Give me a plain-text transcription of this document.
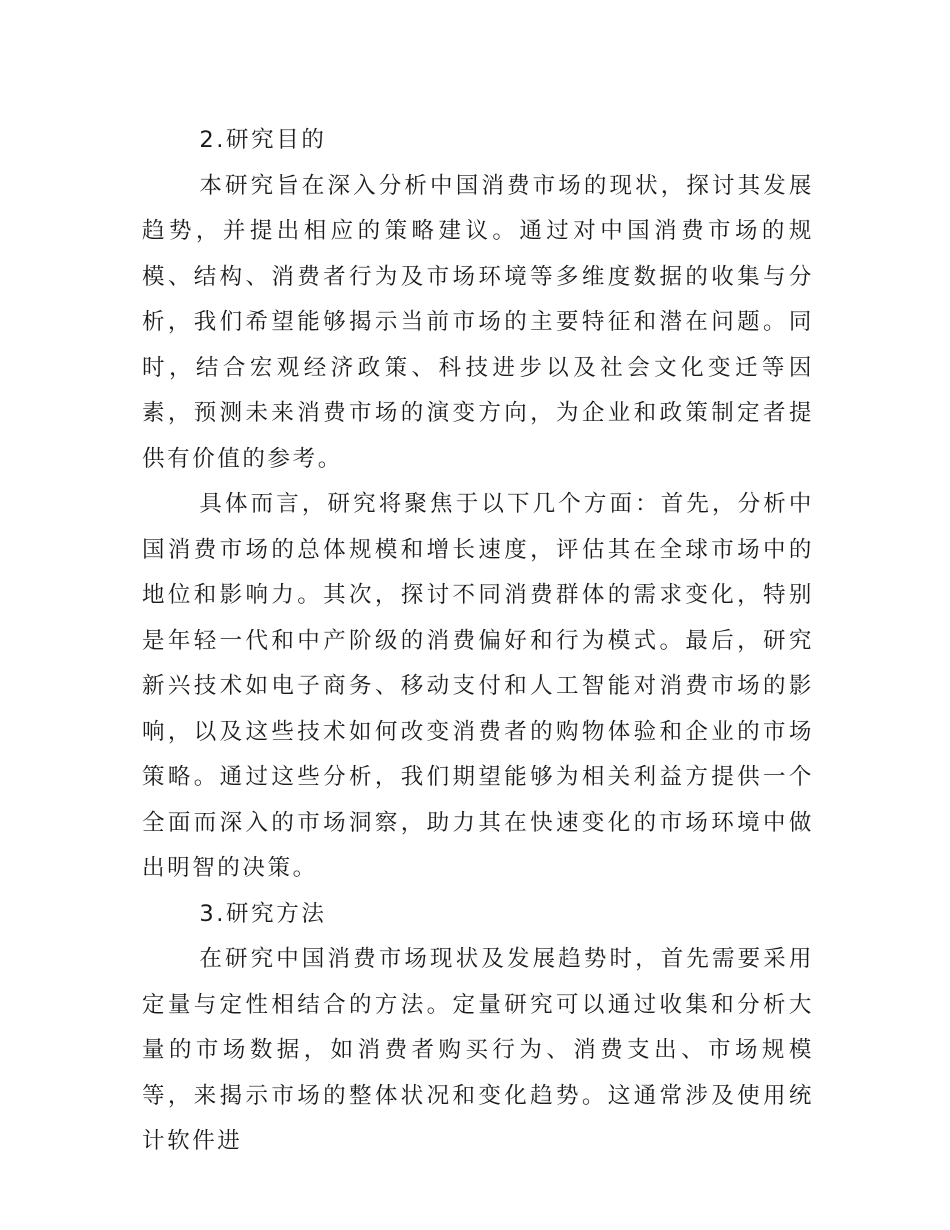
2.研究目的

本研究旨在深入分析中国消费市场的现状，探讨其发展趋势，并提出相应的策略建议。通过对中国消费市场的规模、结构、消费者行为及市场环境等多维度数据的收集与分析，我们希望能够揭示当前市场的主要特征和潜在问题。同时，结合宏观经济政策、科技进步以及社会文化变迁等因素，预测未来消费市场的演变方向，为企业和政策制定者提供有价值的参考。

具体而言，研究将聚焦于以下几个方面：首先，分析中国消费市场的总体规模和增长速度，评估其在全球市场中的地位和影响力。其次，探讨不同消费群体的需求变化，特别是年轻一代和中产阶级的消费偏好和行为模式。最后，研究新兴技术如电子商务、移动支付和人工智能对消费市场的影响，以及这些技术如何改变消费者的购物体验和企业的市场策略。通过这些分析，我们期望能够为相关利益方提供一个全面而深入的市场洞察，助力其在快速变化的市场环境中做出明智的决策。

3.研究方法

在研究中国消费市场现状及发展趋势时，首先需要采用定量与定性相结合的方法。定量研究可以通过收集和分析大量的市场数据，如消费者购买行为、消费支出、市场规模等，来揭示市场的整体状况和变化趋势。这通常涉及使用统计软件进
